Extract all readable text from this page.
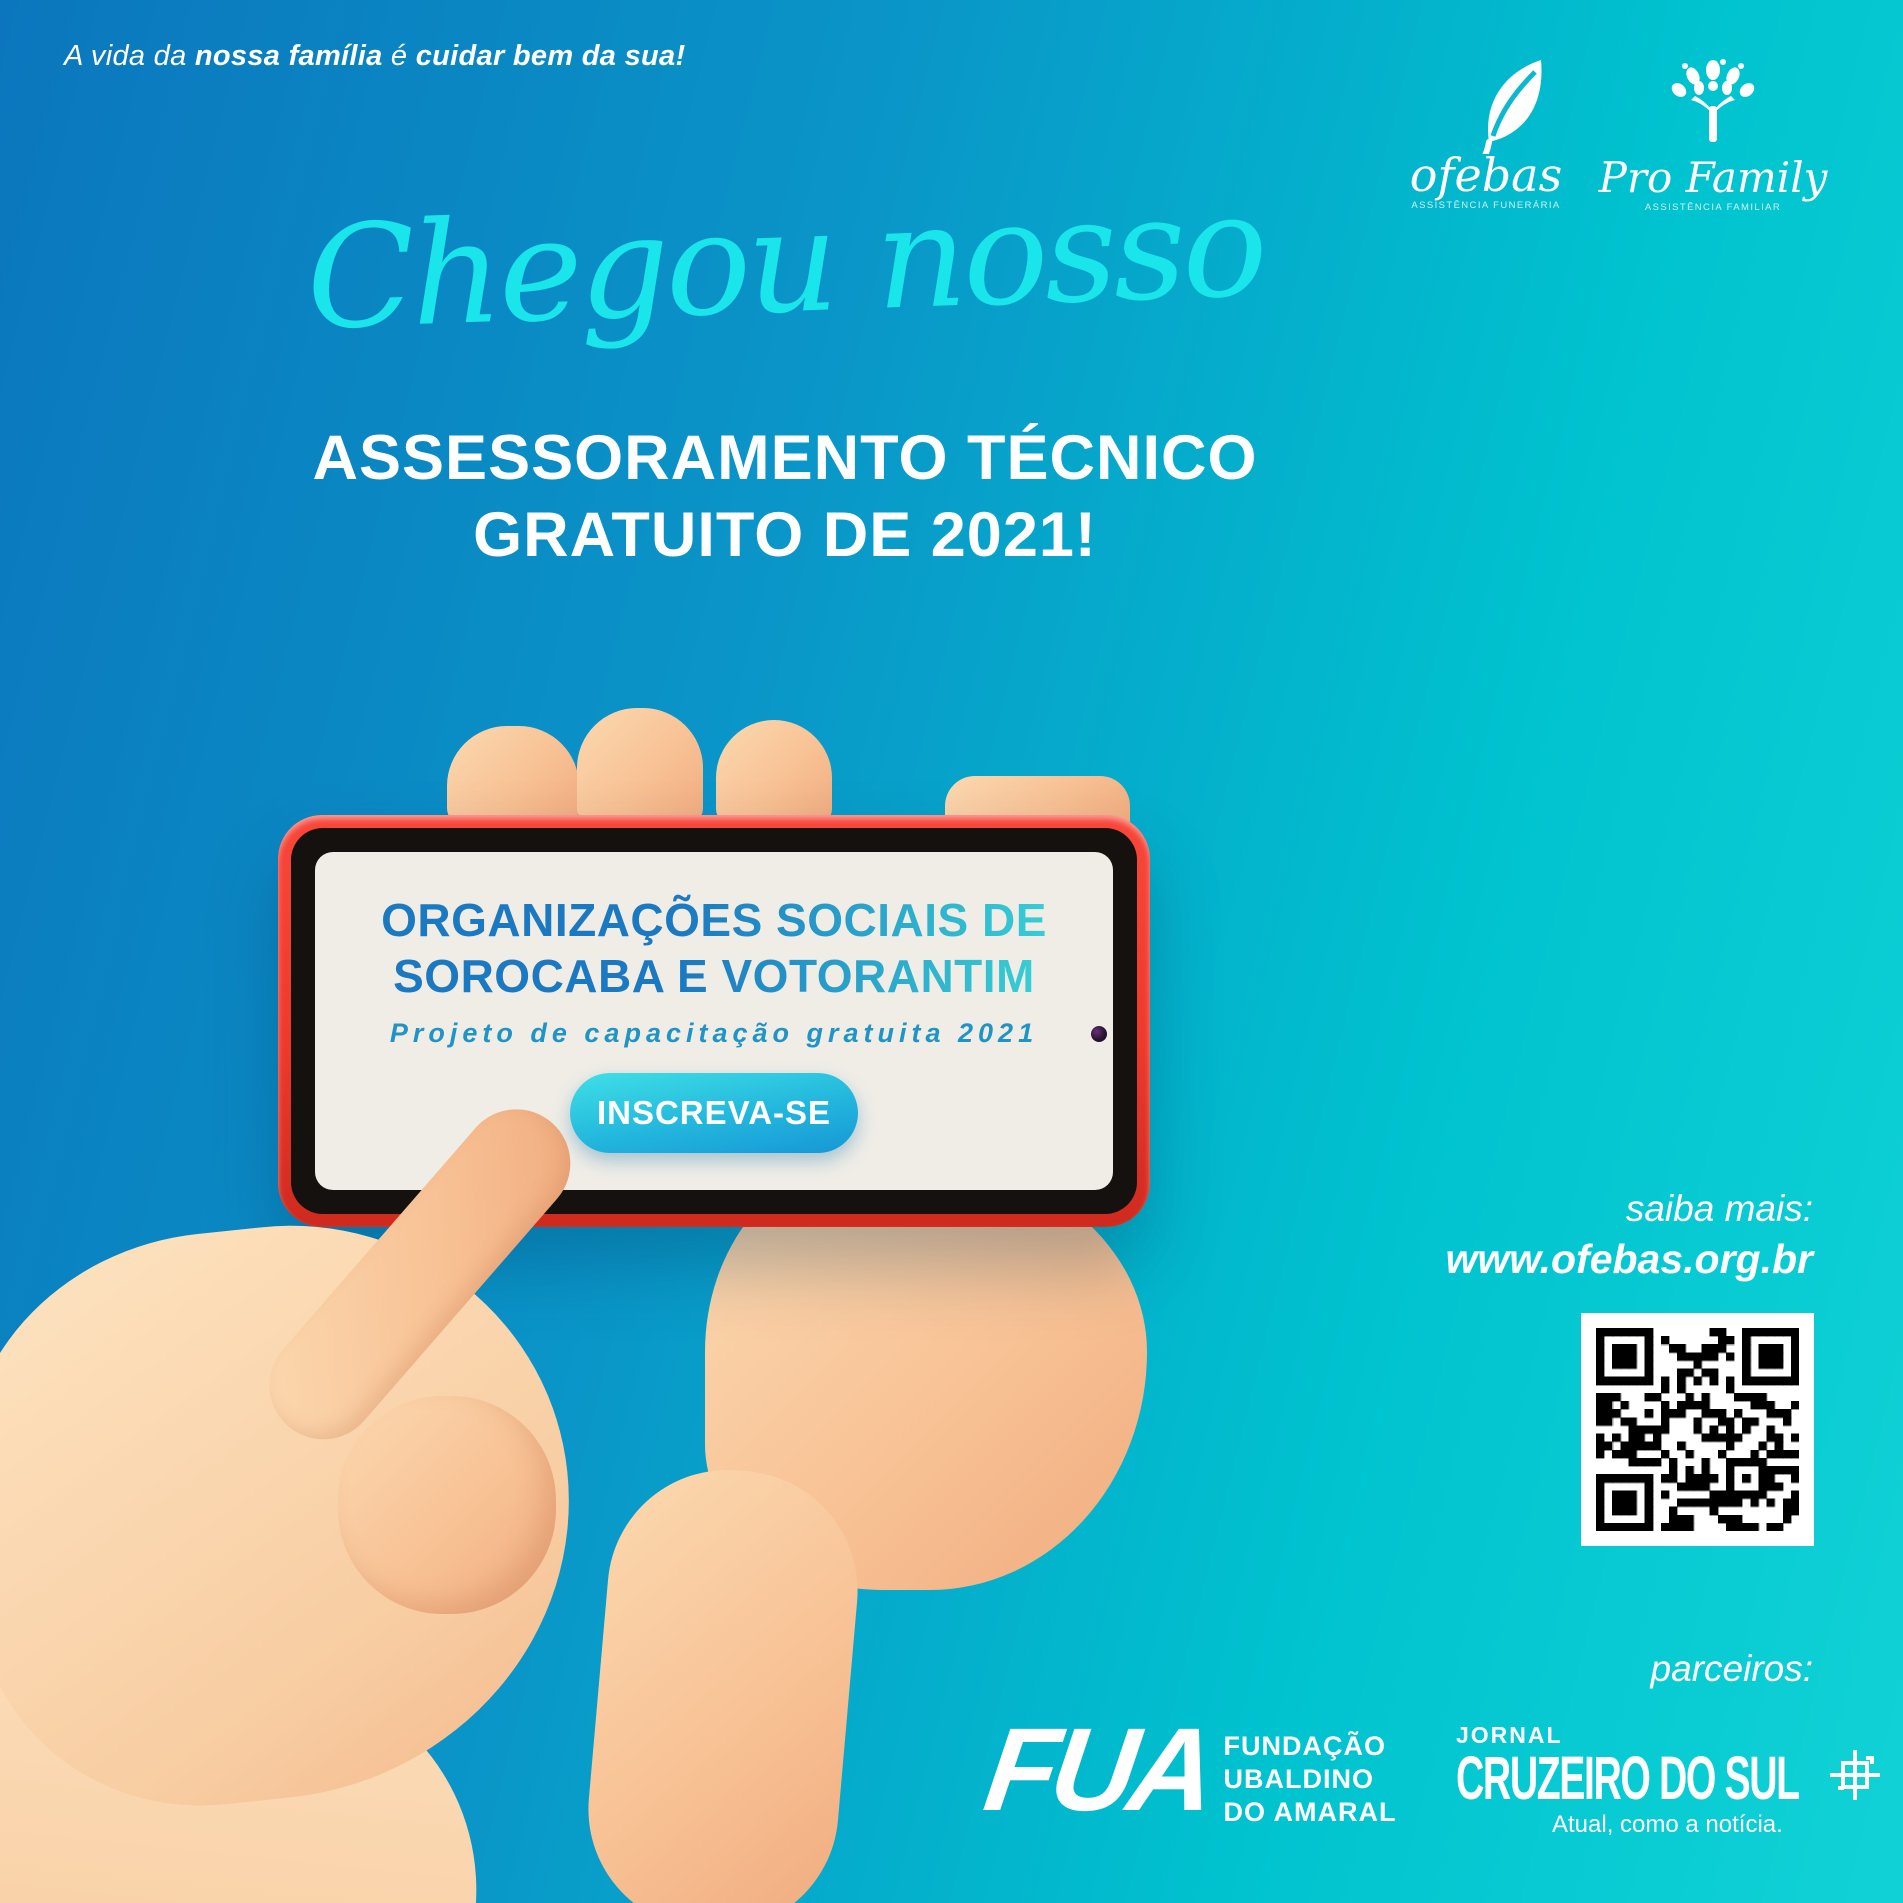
A vida da nossa família é cuidar bem da sua!
ofebas
ASSISTÊNCIA FUNERÁRIA
Pro Family
ASSISTÊNCIA FAMILIAR
Chegou nosso
ASSESSORAMENTO TÉCNICO
GRATUITO DE 2021!
ORGANIZAÇÕES SOCIAIS DE
SOROCABA E VOTORANTIM
Projeto de capacitação gratuita 2021
INSCREVA-SE
saiba mais:
www.ofebas.org.br
parceiros:
FUA FUNDAÇÃO
UBALDINO
DO AMARAL
JORNAL
CRUZEIRO DO SUL
Atual, como a notícia.
